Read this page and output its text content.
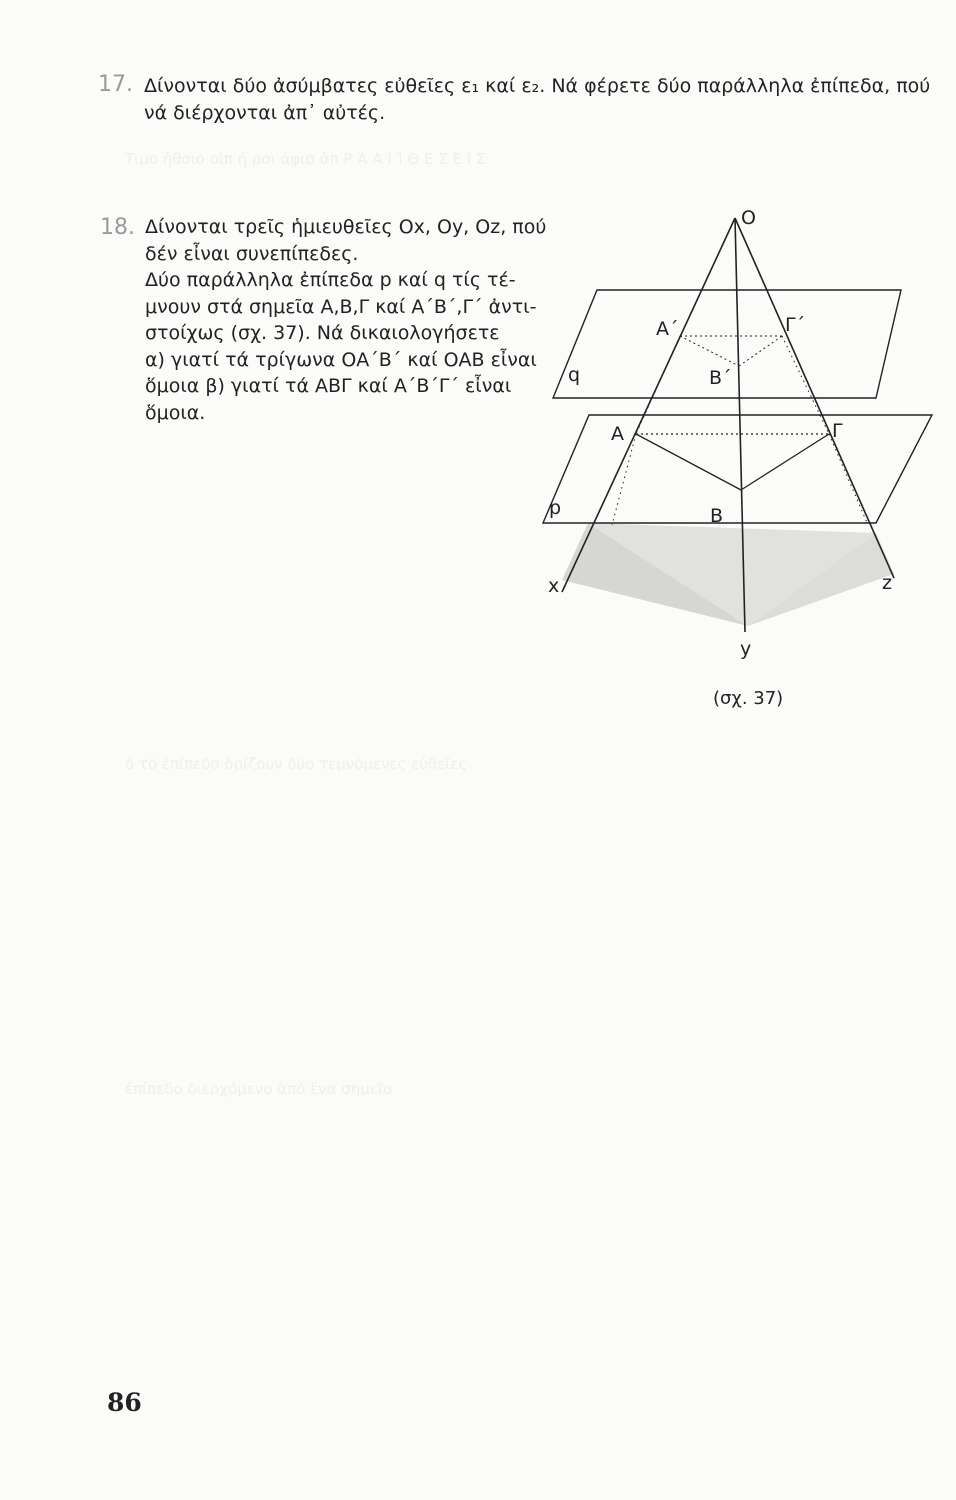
Τιμο ἡθοιο οἰπ ἠ ροι ἀφισ ἀπ Ρ Ά Α Ι Ί Θ Ε Σ Ε Ι Σ
ὁ τὸ ἐπίπεδο ὁρίζουν δύο τεμνόμενες εὐθεῖες
ἐπίπεδο διερχόμενο ἀπό ἕνα σημεῖο
17. Δίνονται δύο ἀσύμβατες εὐθεῖες ε₁ καί ε₂. Νά φέρετε δύο παράλληλα ἐπίπεδα, πού
νά διέρχονται ἀπ᾽ αὐτές.
18. Δίνονται τρεῖς ἡμιευθεῖες Οx, Οy, Οz, πού
δέν εἶναι συνεπίπεδες.
Δύο παράλληλα ἐπίπεδα p καί q τίς τέ-
μνουν στά σημεῖα Α,Β,Γ καί Α΄Β΄,Γ΄ ἀντι-
στοίχως (σχ. 37). Νά δικαιολογήσετε
α) γιατί τά τρίγωνα ΟΑ΄Β΄ καί ΟΑΒ εἶναι
ὅμοια β) γιατί τά ΑΒΓ καί Α΄Β΄Γ΄ εἶναι
ὅμοια.
O
A΄	Γ΄
B΄
q
A	Γ
B
p
x	z
y
(σχ. 37)
86
